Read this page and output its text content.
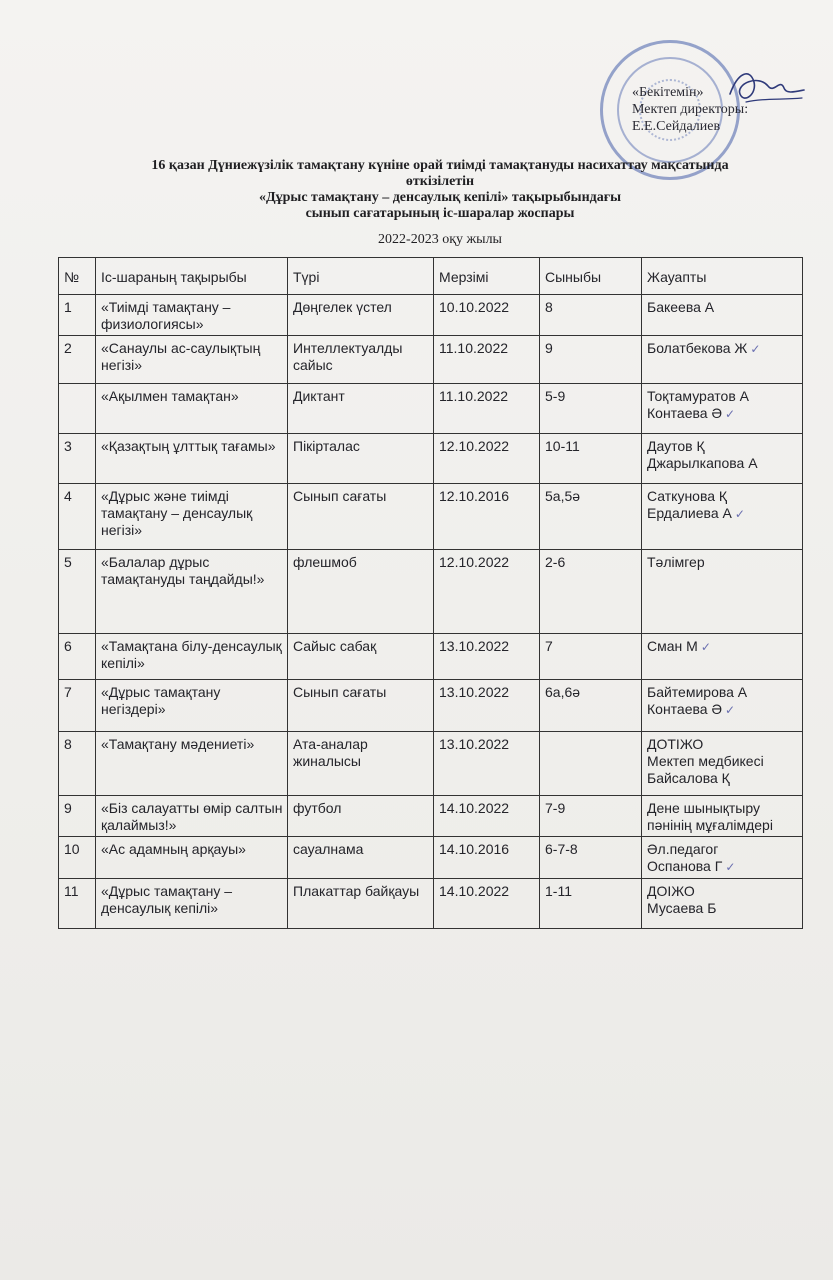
«Бекітемін»
Мектеп директоры:
Е.Е.Сейдалиев
16 қазан Дүниежүзілік тамақтану күніне орай тиімді тамақтануды насихаттау мақсатында
өткізілетін
«Дұрыс тамақтану – денсаулық кепілі» тақырыбындағы
сынып сағатарының іс-шаралар жоспары
2022-2023 оқу жылы
№	Іс-шараның тақырыбы	Түрі	Мерзімі	Сыныбы	Жауапты
1	«Тиімді тамақтану – физиологиясы»	Дөңгелек үстел	10.10.2022	8	Бакеева А

2	«Санаулы ас-саулықтың негізі»	Интеллектуалды сайыс	11.10.2022	9	Болатбекова Ж ✓

	«Ақылмен тамақтан»	Диктант	11.10.2022	5-9	Тоқтамуратов А
Контаева Ә ✓

3	«Қазақтың ұлттық тағамы»	Пікірталас	12.10.2022	10-11	Даутов Қ
Джарылкапова А

4	«Дұрыс және тиімді тамақтану – денсаулық негізі»	Сынып сағаты	12.10.2016	5а,5ә	Саткунова Қ
Ердалиева А ✓

5	«Балалар дұрыс тамақтануды таңдайды!»	флешмоб	12.10.2022	2-6	Тәлімгер

6	«Тамақтана білу-денсаулық кепілі»	Сайыс сабақ	13.10.2022	7	Сман М ✓

7	«Дұрыс тамақтану негіздері»	Сынып сағаты	13.10.2022	6а,6ә	Байтемирова А
Контаева Ә ✓

8	«Тамақтану мәдениеті»	Ата-аналар жиналысы	13.10.2022		ДОТІЖО
Мектеп медбикесі
Байсалова Қ

9	«Біз салауатты өмір салтын қалаймыз!»	футбол	14.10.2022	7-9	Дене шынықтыру
пәнінің мұғалімдері

10	«Ас адамның арқауы»	сауалнама	14.10.2016	6-7-8	Әл.педагог
Оспанова Г ✓

11	«Дұрыс тамақтану – денсаулық кепілі»	Плакаттар байқауы	14.10.2022	1-11	ДОІЖО
Мусаева Б
